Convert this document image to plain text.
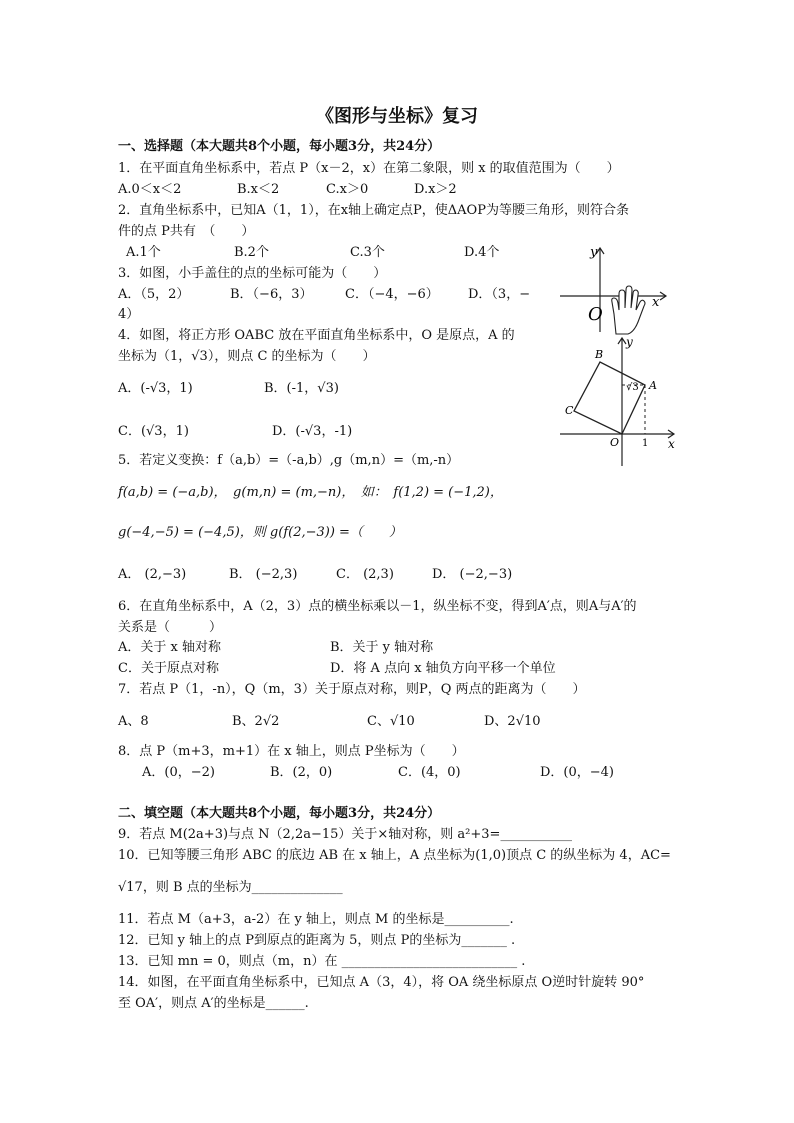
《图形与坐标》复习
一、选择题（本大题共8个小题，每小题3分，共24分）
1．在平面直角坐标系中，若点 P（x－2，x）在第二象限，则 x 的取值范围为（　　）
A.0＜x＜2	B.x＜2	C.x＞0	D.x＞2
2．直角坐标系中，已知A（1，1），在x轴上确定点P，使ΔAOP为等腰三角形，则符合条
件的点 P共有　（　　）
A.1个	B.2个	C.3个	D.4个
3．如图，小手盖住的点的坐标可能为（　　）
A．（5，2）	B．（−6，3）	C．（−4，−6） D．（3，−
4）
4．如图，将正方形 OABC 放在平面直角坐标系中，O 是原点，A 的
坐标为（1，√3），则点 C 的坐标为（　　）
A．(-√3，1)	B．(-1，√3)
C．(√3，1)	D．(-√3，-1)
5．若定义变换：f（a,b）=（-a,b）,g（m,n）=（m,-n）
f(a,b) = (−a,b)，　g(m,n) = (m,−n)，　如：　f(1,2) = (−1,2)，
g(−4,−5) = (−4,5)，则 g(f(2,−3)) =（　　）
A． (2,−3)	B． (−2,3)	C． (2,3)	D． (−2,−3)
6．在直角坐标系中，A（2，3）点的横坐标乘以－1，纵坐标不变，得到A′点，则A与A′的
关系是（　　　）
A．关于 x 轴对称	B．关于 y 轴对称
C．关于原点对称	D．将 A 点向 x 轴负方向平移一个单位
7．若点 P（1，-n），Q（m，3）关于原点对称，则P，Q 两点的距离为（　　）
A、8	B、2√2	C、√10	D、2√10
8．点 P（m+3，m+1）在 x 轴上，则点 P坐标为（　　）
A．(0，−2)	B．(2，0)	C．(4，0)	D．(0，−4)
二、填空题（本大题共8个小题，每小题3分，共24分）
9．若点 M(2a+3)与点 N（2,2a−15）关于×轴对称，则 a²+3=___________
10．已知等腰三角形 ABC 的底边 AB 在 x 轴上，A 点坐标为(1,0)顶点 C 的纵坐标为 4，AC=
√17，则 B 点的坐标为______________
11．若点 M（a+3，a-2）在 y 轴上，则点 M 的坐标是__________.
12．已知 y 轴上的点 P到原点的距离为 5，则点 P的坐标为_______ .
13．已知 mn = 0，则点（m，n）在 ___________________________ .
14．如图，在平面直角坐标系中，已知点 A（3，4），将 OA 绕坐标原点 O逆时针旋转 90°
至 OA′，则点 A′的坐标是______.
y
x
O
y
x
O
A
B
C
√3
1
